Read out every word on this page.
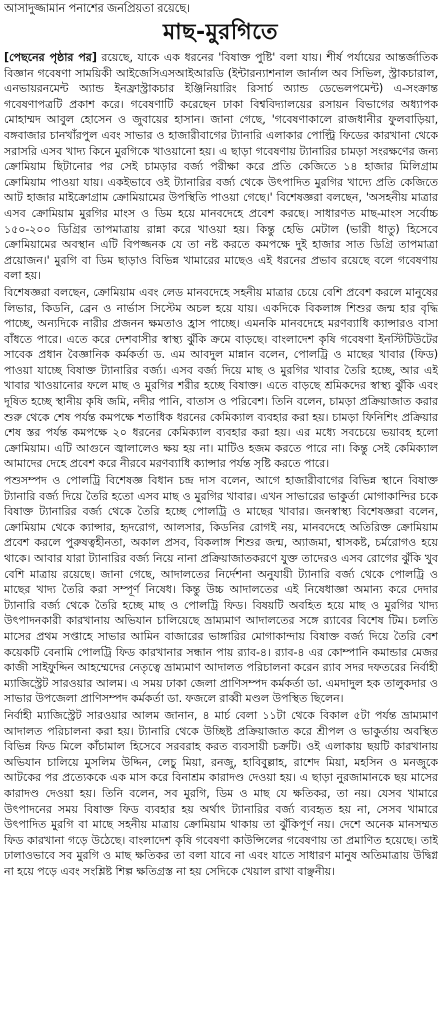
আসাদুজ্জামান পনাশের জনপ্রিয়তা রয়েছে।
মাছ-মুরগিতে

[পেছনের পৃষ্ঠার পর] রয়েছে, যাকে এক ধরনের 'বিষাক্ত পুষ্টি' বলা যায়। শীর্ষ পর্যায়ের আন্তর্জাতিক বিজ্ঞান গবেষণা সাময়িকী আইজেসিএসআইআরডি (ইন্টারন্যাশনাল জার্নাল অব সিভিল, স্ট্রাকচারাল, এনভায়রনমেন্ট অ্যান্ড ইনফ্রাস্ট্রাকচার ইঞ্জিনিয়ারিং রিসার্চ অ্যান্ড ডেভেলপমেন্ট) এ-সংক্রান্ত গবেষণাপত্রটি প্রকাশ করে। গবেষণাটি করেছেন ঢাকা বিশ্ববিদ্যালয়ের রসায়ন বিভাগের অধ্যাপক মোহাম্মদ আবুল হোসেন ও জুবায়ের হাসান। জানা গেছে, 'গবেষণাকালে রাজধানীর ফুলবাড়িয়া, বঙ্গবাজার চানখাঁরপুল এবং সাভার ও হাজারীবাগের ট্যানারি এলাকার পোল্ট্রি ফিডের কারখানা থেকে সরাসরি এসব খাদ্য কিনে মুরগিকে খাওয়ানো হয়। এ ছাড়া গবেষণায় ট্যানারির চামড়া সংরক্ষণের জন্য ক্রোমিয়াম ছিটানোর পর সেই চামড়ার বর্জ্য পরীক্ষা করে প্রতি কেজিতে ১৪ হাজার মিলিগ্রাম ক্রোমিয়াম পাওয়া যায়। একইভাবে ওই ট্যানারির বর্জ্য থেকে উৎপাদিত মুরগির খাদ্যে প্রতি কেজিতে আট হাজার মাইক্রোগ্রাম ক্রোমিয়ামের উপস্থিতি পাওয়া গেছে।' বিশেষজ্ঞরা বলছেন, 'অসহনীয় মাত্রার এসব ক্রোমিয়াম মুরগির মাংস ও ডিম হয়ে মানবদেহে প্রবেশ করছে। সাধারণত মাছ-মাংস সর্বোচ্চ ১৫০-২০০ ডিগ্রির তাপমাত্রায় রান্না করে খাওয়া হয়। কিন্তু হেভি মেটাল (ভারী ধাতু) হিসেবে ক্রোমিয়ামের অবস্থান এটি বিপজ্জনক যে তা নষ্ট করতে কমপক্ষে দুই হাজার সাত ডিগ্রি তাপমাত্রা প্রয়োজন।' মুরগি বা ডিম ছাড়াও বিভিন্ন খামারের মাছেও এই ধরনের প্রভাব রয়েছে বলে গবেষণায় বলা হয়।

বিশেষজ্ঞরা বলছেন, ক্রোমিয়াম এবং লেড মানবদেহে সহনীয় মাত্রার চেয়ে বেশি প্রবেশ করলে মানুষের লিভার, কিডনি, ব্রেন ও নার্ভাস সিস্টেম অচল হয়ে যায়। একদিকে বিকলাঙ্গ শিশুর জন্ম হার বৃদ্ধি পাচ্ছে, অন্যদিকে নারীর প্রজনন ক্ষমতাও হ্রাস পাচ্ছে। এমনকি মানবদেহে মরণব্যাধি ক্যান্সারও বাসা বাঁধতে পারে। এতে করে দেশবাসীর স্বাস্থ্য ঝুঁকি ক্রমে বাড়ছে। বাংলাদেশ কৃষি গবেষণা ইনস্টিটিউটের সাবেক প্রধান বৈজ্ঞানিক কর্মকর্তা ড. এম আবদুল মান্নান বলেন, পোলট্রি ও মাছের খাবার (ফিড) পাওয়া যাচ্ছে বিষাক্ত ট্যানারির বর্জ্য। এসব বর্জ্য দিয়ে মাছ ও মুরগির খাবার তৈরি হচ্ছে, আর এই খাবার খাওয়ানোর ফলে মাছ ও মুরগির শরীর হচ্ছে বিষাক্ত। এতে বাড়ছে শ্রমিকদের স্বাস্থ্য ঝুঁকি এবং দূষিত হচ্ছে স্থানীয় কৃষি জমি, নদীর পানি, বাতাস ও পরিবেশ। তিনি বলেন, চামড়া প্রক্রিয়াজাত করার শুরু থেকে শেষ পর্যন্ত কমপক্ষে শতাধিক ধরনের কেমিক্যাল ব্যবহার করা হয়। চামড়া ফিনিশিং প্রক্রিয়ার শেষ স্তর পর্যন্ত কমপক্ষে ২০ ধরনের কেমিক্যাল ব্যবহার করা হয়। এর মধ্যে সবচেয়ে ভয়াবহ হলো ক্রোমিয়াম। এটি আগুনে জ্বালালেও ক্ষয় হয় না। মাটিও হজম করতে পারে না। কিন্তু সেই কেমিক্যাল আমাদের দেহে প্রবেশ করে নীরবে মরণব্যাধি ক্যান্সার পর্যন্ত সৃষ্টি করতে পারে।

পশুসম্পদ ও পোলট্রি বিশেষজ্ঞ বিধান চন্দ্র দাস বলেন, আগে হাজারীবাগের বিভিন্ন স্থানে বিষাক্ত ট্যানারি বর্জ্য দিয়ে তৈরি হতো এসব মাছ ও মুরগির খাবার। এখন সাভারের ভাকুর্তা মোগাকান্দির চকে বিষাক্ত ট্যানারির বর্জ্য থেকে তৈরি হচ্ছে পোলট্রি ও মাছের খাবার। জনস্বাস্থ্য বিশেষজ্ঞরা বলেন, ক্রোমিয়াম থেকে ক্যান্সার, হৃদরোগ, আলসার, কিডনির রোগই নয়, মানবদেহে অতিরিক্ত ক্রোমিয়াম প্রবেশ করলে পুরুষত্বহীনতা, অকাল প্রসব, বিকলাঙ্গ শিশুর জন্ম, অ্যাজমা, শ্বাসকষ্ট, চর্মরোগও হয়ে থাকে। আবার যারা ট্যানারির বর্জ্য নিয়ে নানা প্রক্রিয়াজাতকরণে যুক্ত তাদেরও এসব রোগের ঝুঁকি খুব বেশি মাত্রায় রয়েছে। জানা গেছে, আদালতের নির্দেশনা অনুযায়ী ট্যানারি বর্জ্য থেকে পোলট্রি ও মাছের খাদ্য তৈরি করা সম্পূর্ণ নিষেধ। কিন্তু উচ্চ আদালতের এই নিষেধাজ্ঞা অমান্য করে দেদার ট্যানারি বর্জ্য থেকে তৈরি হচ্ছে মাছ ও পোলট্রি ফিড। বিষয়টি অবহিত হয়ে মাছ ও মুরগির খাদ্য উৎপাদনকারী কারখানায় অভিযান চালিয়েছে ভ্রাম্যমাণ আদালতের সঙ্গে র‌্যাবের বিশেষ টিম। চলতি মাসের প্রথম সপ্তাহে সাভার আমিন বাজারের ভাঙ্গারির মোগাকান্দায় বিষাক্ত বর্জ্য দিয়ে তৈরি বেশ কয়েকটি বেনামি পোলট্রি ফিড কারখানার সন্ধান পায় র‌্যাব-৪। র‌্যাব-৪ এর কোম্পানি কমান্ডার মেজর কাজী সাইফুদ্দিন আহম্মেদের নেতৃত্বে ভ্রাম্যমাণ আদালত পরিচালনা করেন র‌্যাব সদর দফতরের নির্বাহী ম্যাজিস্ট্রেট সারওয়ার আলম। এ সময় ঢাকা জেলা প্রাণিসম্পদ কর্মকর্তা ডা. এমদাদুল হক তালুকদার ও সাভার উপজেলা প্রাণিসম্পদ কর্মকর্তা ডা. ফজলে রাব্বী মণ্ডল উপস্থিত ছিলেন।

নির্বাহী ম্যাজিস্ট্রেট সারওয়ার আলম জানান, ৪ মার্চ বেলা ১১টা থেকে বিকাল ৫টা পর্যন্ত ভ্রাম্যমাণ আদালত পরিচালনা করা হয়। ট্যানারি থেকে উচ্ছিষ্ট প্রক্রিয়াজাত করে শ্রীপল ও ভাকুর্তায় অবস্থিত বিভিন্ন ফিড মিলে কাঁচামাল হিসেবে সরবরাহ করত ব্যবসায়ী চক্রটি। ওই এলাকায় ছয়টি কারখানায় অভিযান চালিয়ে মুসলিম উদ্দিন, লেচু মিয়া, রনজু, হাবিবুল্লাহ, রাশেদ মিয়া, মহসিন ও মনজুকে আটকের পর প্রত্যেককে এক মাস করে বিনাশ্রম কারাদণ্ড দেওয়া হয়। এ ছাড়া নুরজামানকে ছয় মাসের কারাদণ্ড দেওয়া হয়। তিনি বলেন, সব মুরগি, ডিম ও মাছ যে ক্ষতিকর, তা নয়। যেসব খামারে উৎপাদনের সময় বিষাক্ত ফিড ব্যবহার হয় অর্থাৎ ট্যানারির বর্জ্য ব্যবহৃত হয় না, সেসব খামারে উৎপাদিত মুরগি বা মাছে সহনীয় মাত্রায় ক্রোমিয়াম থাকায় তা ঝুঁকিপূর্ণ নয়। দেশে অনেক মানসম্মত ফিড কারখানা গড়ে উঠেছে। বাংলাদেশ কৃষি গবেষণা কাউন্সিলের গবেষণায় তা প্রমাণিত হয়েছে। তাই ঢালাওভাবে সব মুরগি ও মাছ ক্ষতিকর তা বলা যাবে না এবং যাতে সাধারণ মানুষ অতিমাত্রায় উদ্বিগ্ন না হয়ে পড়ে এবং সংশ্লিষ্ট শিল্প ক্ষতিগ্রস্ত না হয় সেদিকে খেয়াল রাখা বাঞ্ছনীয়।
